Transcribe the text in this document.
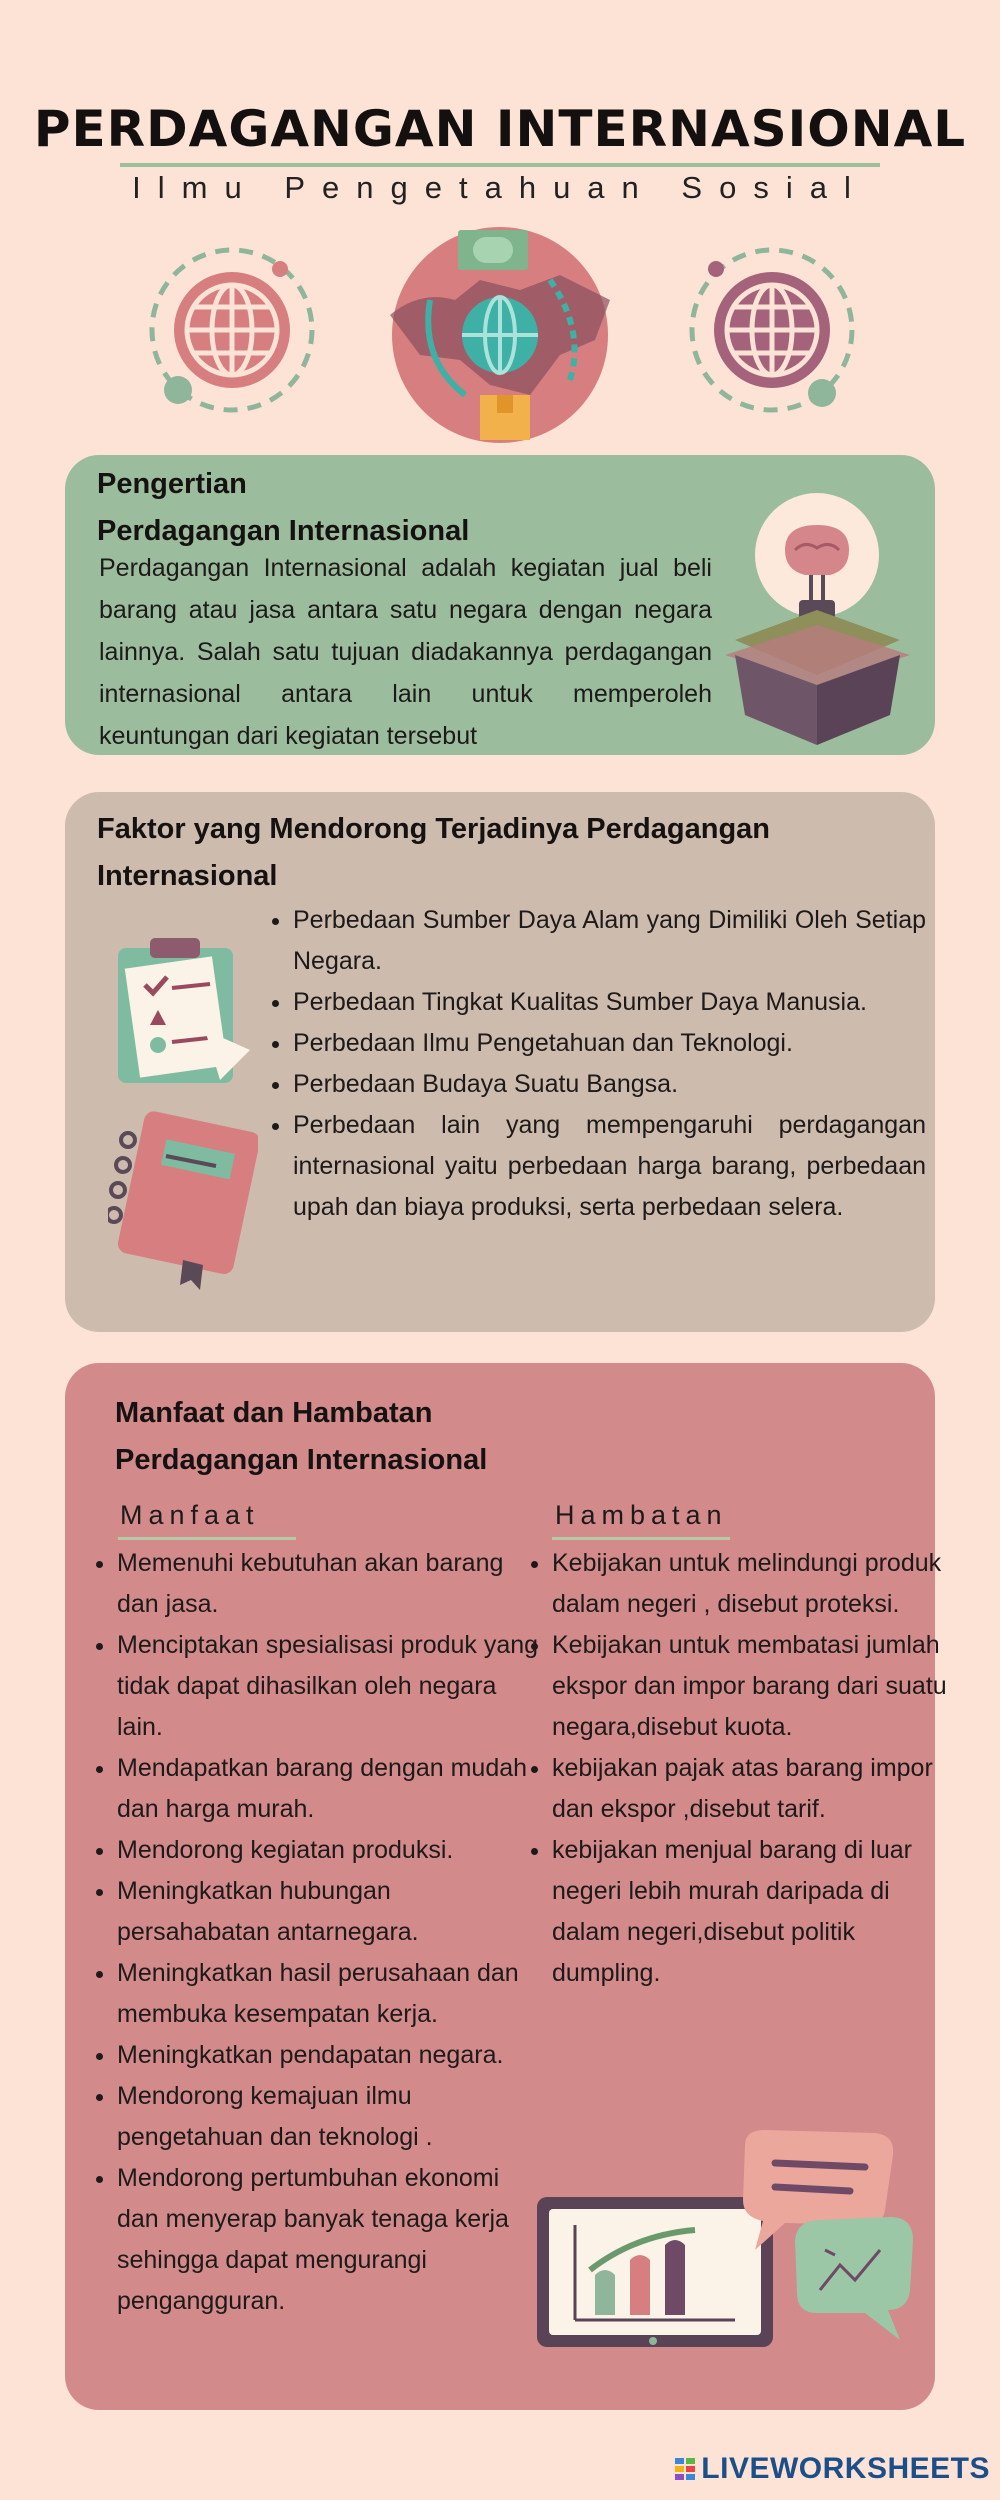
PERDAGANGAN INTERNASIONAL
Ilmu Pengetahuan Sosial
Pengertian
Perdagangan Internasional
Perdagangan Internasional adalah kegiatan jual beli barang atau jasa antara satu negara dengan negara lainnya. Salah satu tujuan diadakannya perdagangan internasional antara lain untuk memperoleh keuntungan dari kegiatan tersebut
Faktor yang Mendorong Terjadinya Perdagangan
Internasional
• Perbedaan Sumber Daya Alam yang Dimiliki Oleh Setiap Negara.
• Perbedaan Tingkat Kualitas Sumber Daya Manusia.
• Perbedaan Ilmu Pengetahuan dan Teknologi.
• Perbedaan Budaya Suatu Bangsa.
• Perbedaan lain yang mempengaruhi perdagangan internasional yaitu perbedaan harga barang, perbedaan upah dan biaya produksi, serta perbedaan selera.
Manfaat dan Hambatan
Perdagangan Internasional
Manfaat
• Memenuhi kebutuhan akan barang dan jasa.
• Menciptakan spesialisasi produk yang tidak dapat dihasilkan oleh negara lain.
• Mendapatkan barang dengan mudah dan harga murah.
• Mendorong kegiatan produksi.
• Meningkatkan hubungan persahabatan antarnegara.
• Meningkatkan hasil perusahaan dan membuka kesempatan kerja.
• Meningkatkan pendapatan negara.
• Mendorong kemajuan ilmu pengetahuan dan teknologi .
• Mendorong pertumbuhan ekonomi dan menyerap banyak tenaga kerja sehingga dapat mengurangi pengangguran.
Hambatan
• Kebijakan untuk melindungi produk dalam negeri , disebut proteksi.
• Kebijakan untuk membatasi jumlah ekspor dan impor barang dari suatu negara,disebut kuota.
• kebijakan pajak atas barang impor dan ekspor ,disebut tarif.
• kebijakan menjual barang di luar negeri lebih murah daripada di dalam negeri,disebut politik dumpling.
LIVEWORKSHEETS
